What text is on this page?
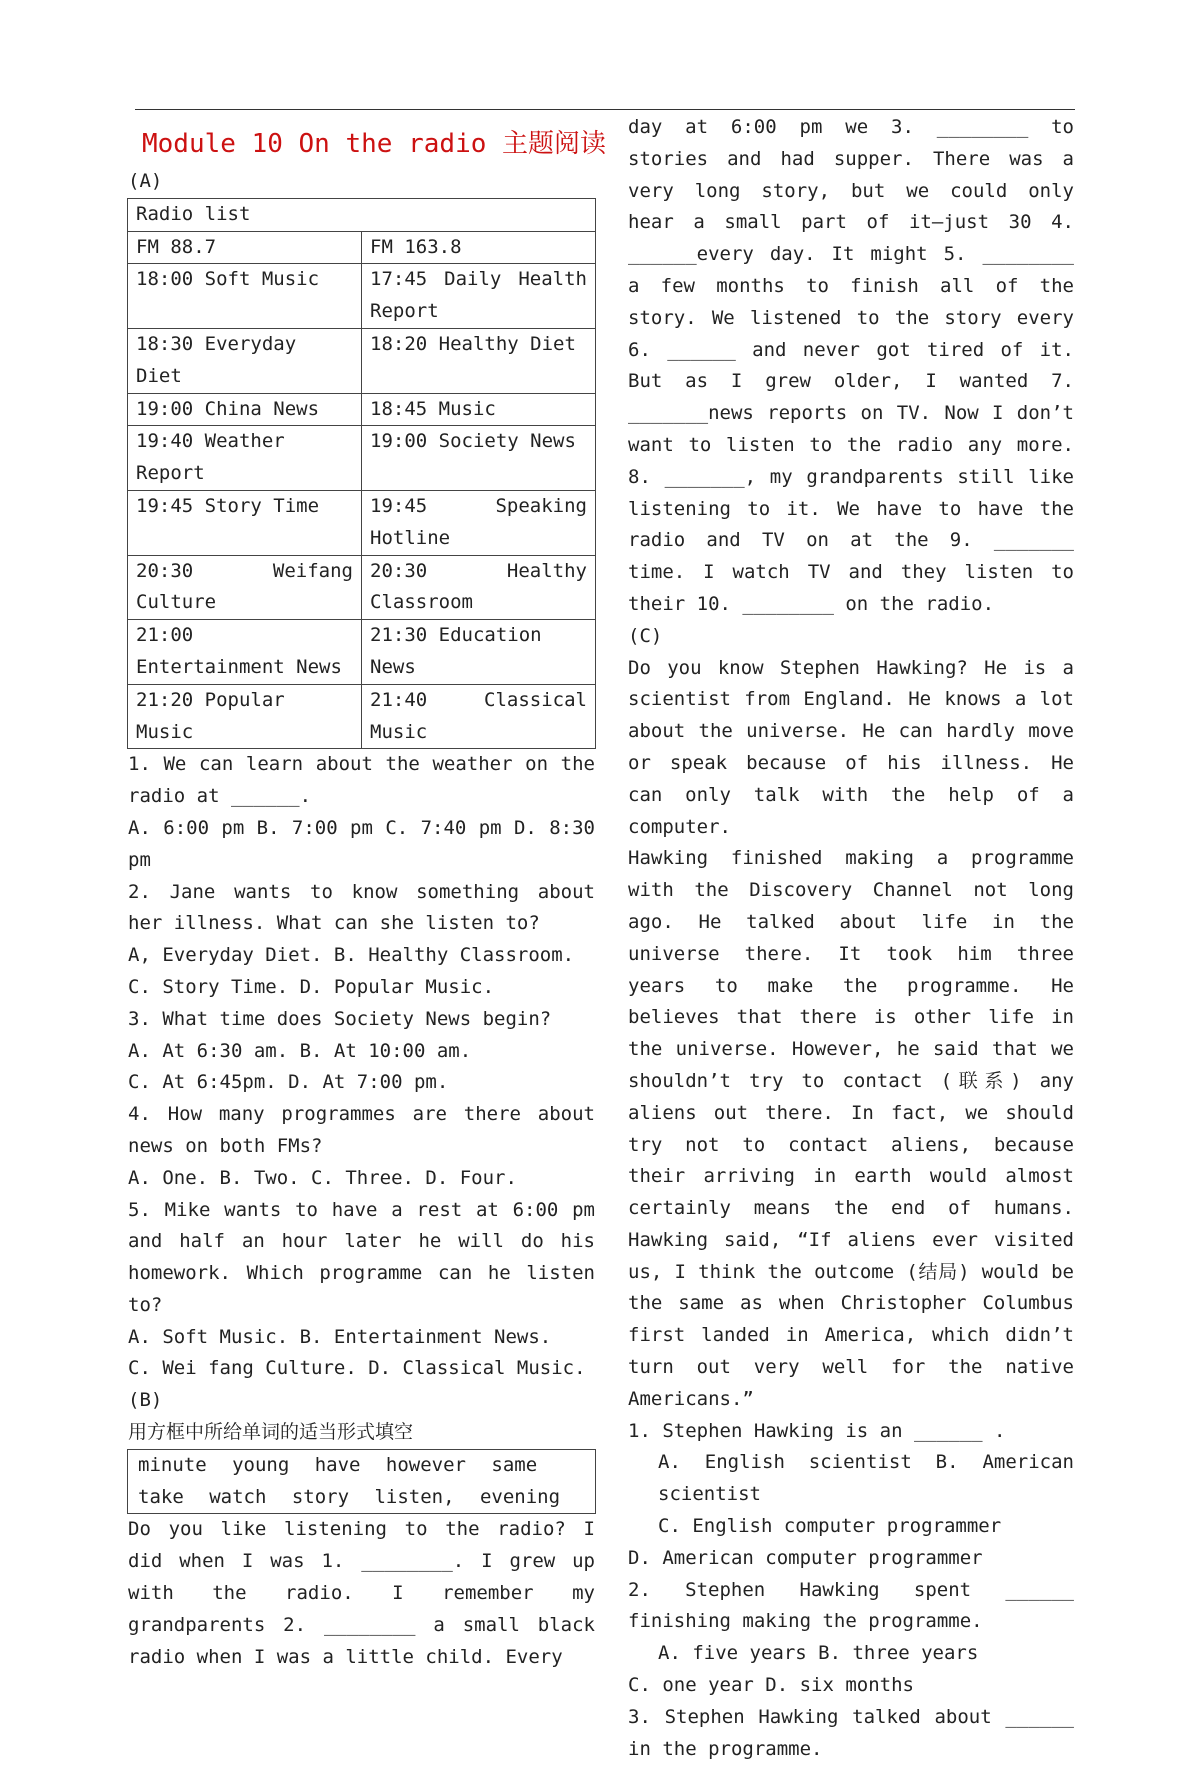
Module 10 On the radio 主题阅读

(A)

Radio list	
FM 88.7	FM 163.8
18:00 Soft Music	17:45 Daily Health Report
18:30 Everyday Diet	18:20 Healthy Diet
19:00 China News	18:45 Music
19:40 Weather Report	19:00 Society News
19:45 Story Time	19:45 Speaking Hotline
20:30 Weifang Culture	20:30 Healthy Classroom
21:00 Entertainment News	21:30 Education News
21:20 Popular Music	21:40 Classical Music

1. We can learn about the weather on the radio at ______.

A. 6:00 pm B. 7:00 pm C. 7:40 pm D. 8:30 pm

2. Jane wants to know something about her illness. What can she listen to?

A, Everyday Diet. B. Healthy Classroom.

C. Story Time. D. Popular Music.

3. What time does Society News begin?

A. At 6:30 am. B. At 10:00 am.

C. At 6:45pm. D. At 7:00 pm.

4. How many programmes are there about news on both FMs?

A. One. B. Two. C. Three. D. Four.

5. Mike wants to have a rest at 6:00 pm and half an hour later he will do his homework. Which programme can he listen to?

A. Soft Music. B. Entertainment News.

C. Wei fang Culture. D. Classical Music.

(B)

用方框中所给单词的适当形式填空

minute young have however same
take watch story listen, evening

Do you like listening to the radio? I did when I was 1. ________. I grew up with the radio. I remember my grandparents 2. ________ a small black radio when I was a little child. Every

day at 6:00 pm we 3. ________ to stories and had supper. There was a very long story, but we could only hear a small part of it—just 30 4. ______every day. It might 5. ________ a few months to finish all of the story. We listened to the story every 6. ______ and never got tired of it. But as I grew older, I wanted 7. _______news reports on TV. Now I don’t want to listen to the radio any more. 8. _______, my grandparents still like listening to it. We have to have the radio and TV on at the 9. _______ time. I watch TV and they listen to their 10. ________ on the radio.

(C)

Do you know Stephen Hawking? He is a scientist from England. He knows a lot about the universe. He can hardly move or speak because of his illness. He can only talk with the help of a computer.

Hawking finished making a programme with the Discovery Channel not long ago. He talked about life in the universe there. It took him three years to make the programme. He believes that there is other life in the universe. However, he said that we shouldn’t try to contact (联系) any aliens out there. In fact, we should try not to contact aliens, because their arriving in earth would almost certainly means the end of humans. Hawking said, “If aliens ever visited us, I think the outcome (结局) would be the same as when Christopher Columbus first landed in America, which didn’t turn out very well for the native Americans.”

1. Stephen Hawking is an ______ .

A. English scientist B. American scientist

C. English computer programmer

D. American computer programmer

2. Stephen Hawking spent ______ finishing making the programme.

A. five years B. three years

C. one year D. six months

3. Stephen Hawking talked about ______ in the programme.
